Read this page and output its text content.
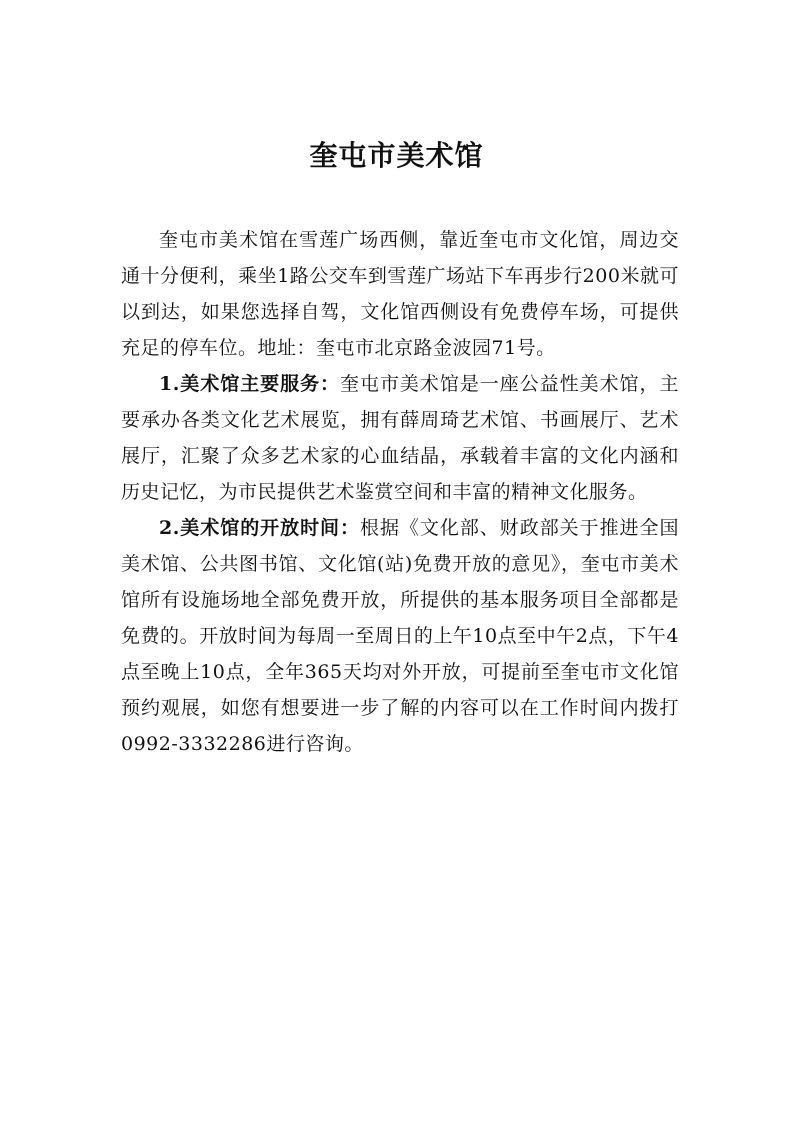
奎屯市美术馆

奎屯市美术馆在雪莲广场西侧，靠近奎屯市文化馆，周边交通十分便利，乘坐1路公交车到雪莲广场站下车再步行200米就可以到达，如果您选择自驾，文化馆西侧设有免费停车场，可提供充足的停车位。地址：奎屯市北京路金波园71号。

1.美术馆主要服务：奎屯市美术馆是一座公益性美术馆，主要承办各类文化艺术展览，拥有薛周琦艺术馆、书画展厅、艺术展厅，汇聚了众多艺术家的心血结晶，承载着丰富的文化内涵和历史记忆，为市民提供艺术鉴赏空间和丰富的精神文化服务。

2.美术馆的开放时间：根据《文化部、财政部关于推进全国美术馆、公共图书馆、文化馆(站)免费开放的意见》，奎屯市美术馆所有设施场地全部免费开放，所提供的基本服务项目全部都是免费的。开放时间为每周一至周日的上午10点至中午2点，下午4点至晚上10点，全年365天均对外开放，可提前至奎屯市文化馆预约观展，如您有想要进一步了解的内容可以在工作时间内拨打0992-3332286进行咨询。
